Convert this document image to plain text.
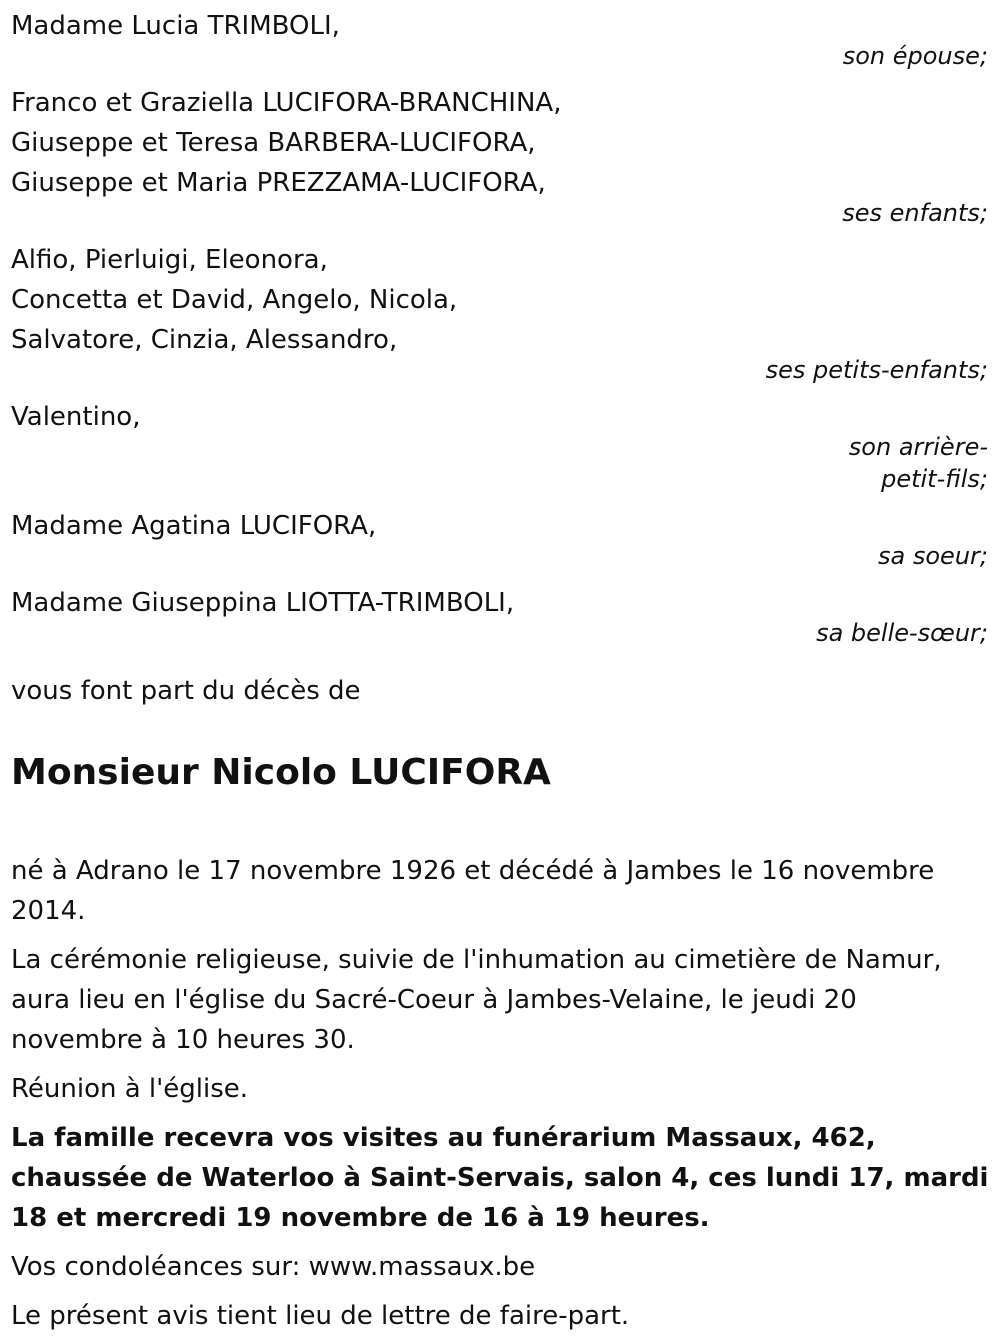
Madame Lucia TRIMBOLI,
son épouse;
Franco et Graziella LUCIFORA-BRANCHINA,
Giuseppe et Teresa BARBERA-LUCIFORA,
Giuseppe et Maria PREZZAMA-LUCIFORA,
ses enfants;
Alfio, Pierluigi, Eleonora,
Concetta et David, Angelo, Nicola,
Salvatore, Cinzia, Alessandro,
ses petits-enfants;
Valentino,
son arrière-
petit-fils;
Madame Agatina LUCIFORA,
sa soeur;
Madame Giuseppina LIOTTA-TRIMBOLI,
sa belle-sœur;
vous font part du décès de
Monsieur Nicolo LUCIFORA

né à Adrano le 17 novembre 1926 et décédé à Jambes le 16 novembre 2014.

La cérémonie religieuse, suivie de l'inhumation au cimetière de Namur, aura lieu en l'église du Sacré-Coeur à Jambes-Velaine, le jeudi 20 novembre à 10 heures 30.

Réunion à l'église.

La famille recevra vos visites au funérarium Massaux, 462, chaussée de Waterloo à Saint-Servais, salon 4, ces lundi 17, mardi 18 et mercredi 19 novembre de 16 à 19 heures.

Vos condoléances sur: www.massaux.be

Le présent avis tient lieu de lettre de faire-part.
